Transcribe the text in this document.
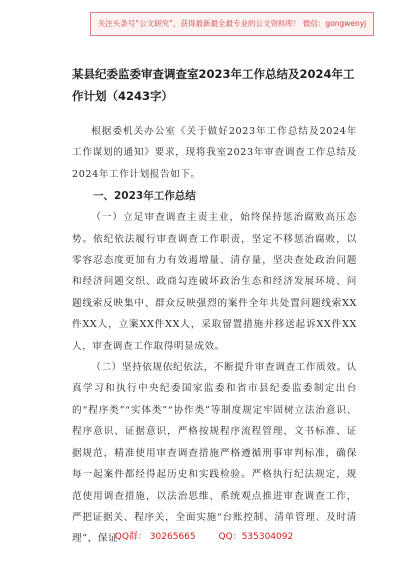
关注头条号“公文研究”，获得最新最全最专业的公文资料库！ 微信：gongwenyj
某县纪委监委审查调查室2023年工作总结及2024年工作计划（4243字）

根据委机关办公室《关于做好2023年工作总结及2024年工作谋划的通知》要求，现将我室2023年审查调查工作总结及2024年工作计划报告如下。

一、2023年工作总结

（一）立足审查调查主责主业，始终保持惩治腐败高压态势。依纪依法履行审查调查工作职责，坚定不移惩治腐败，以零容忍态度更加有力有效遏增量、清存量，坚决查处政治问题和经济问题交织、政商勾连破坏政治生态和经济发展环境、问题线索反映集中、群众反映强烈的案件全年共处置问题线索XX件XX人，立案XX件XX人，采取留置措施并移送起诉XX件XX人，审查调查工作取得明显成效。

（二）坚持依规依纪依法，不断提升审查调查工作质效。认真学习和执行中央纪委国家监委和省市县纪委监委制定出台的“程序类”“实体类”“协作类”等制度规定牢固树立法治意识、程序意识、证据意识，严格按规程序流程管理、文书标准、证据规范，精准使用审查调查措施严格遵循刑事审判标准，确保每一起案件都经得起历史和实践检验。严格执行纪法规定，规范使用调查措施，以法治思维、系统观点推进审查调查工作，严把证据关、程序关，全面实施“台账控制、清单管理、及时清理”，保证

QQ群： 30265665	QQ：535304092
